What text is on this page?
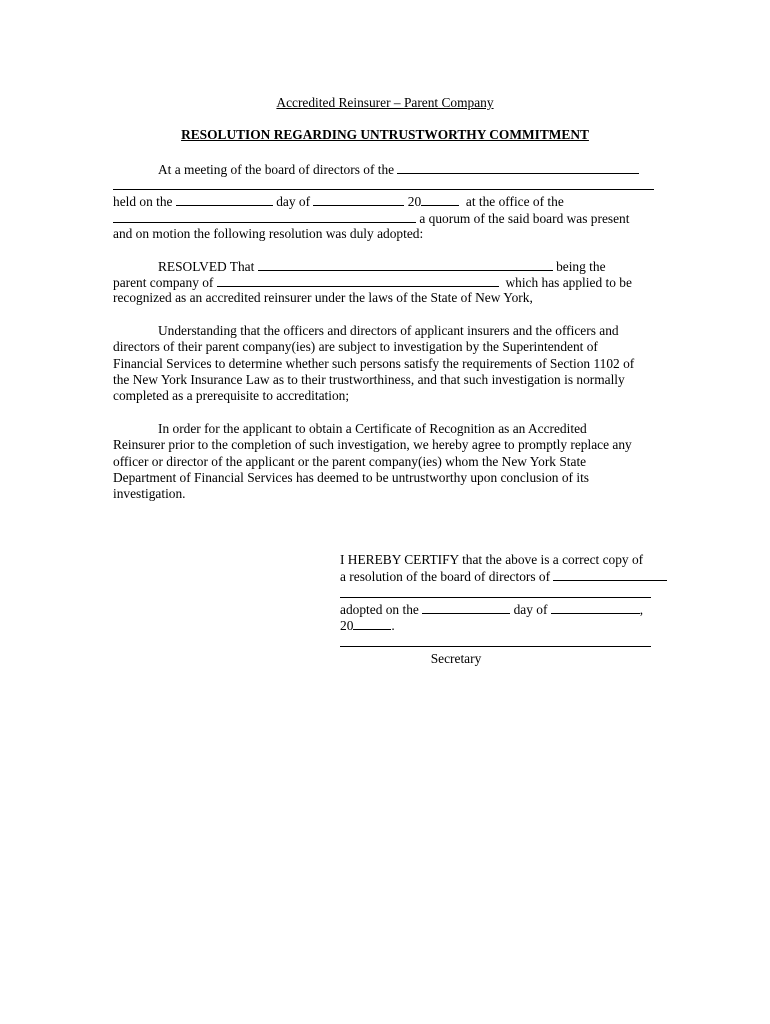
Accredited Reinsurer – Parent Company
RESOLUTION REGARDING UNTRUSTWORTHY COMMITMENT
At a meeting of the board of directors of the
held on the	day of	20	at the office of the
a quorum of the said board was present
and on motion the following resolution was duly adopted:
RESOLVED That	being the
parent company of	which has applied to be
recognized as an accredited reinsurer under the laws of the State of New York,
Understanding that the officers and directors of applicant insurers and the officers and
directors of their parent company(ies) are subject to investigation by the Superintendent of
Financial Services to determine whether such persons satisfy the requirements of Section 1102 of
the New York Insurance Law as to their trustworthiness, and that such investigation is normally
completed as a prerequisite to accreditation;
In order for the applicant to obtain a Certificate of Recognition as an Accredited
Reinsurer prior to the completion of such investigation, we hereby agree to promptly replace any
officer or director of the applicant or the parent company(ies) whom the New York State
Department of Financial Services has deemed to be untrustworthy upon conclusion of its
investigation.
I HEREBY CERTIFY that the above is a correct copy of
a resolution of the board of directors of
adopted on the	day of	,
20	.
Secretary
